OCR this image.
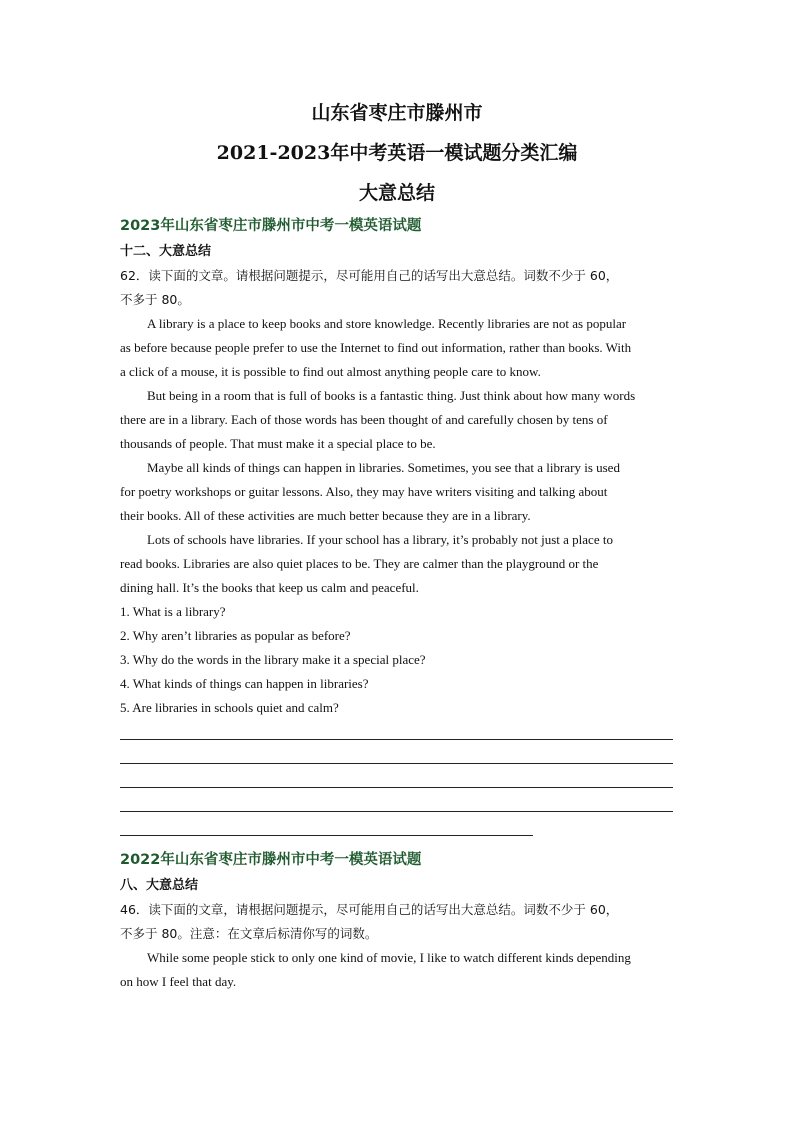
山东省枣庄市滕州市
2021-2023年中考英语一模试题分类汇编
大意总结
2023年山东省枣庄市滕州市中考一模英语试题
十二、大意总结
62．读下面的文章。请根据问题提示，尽可能用自己的话写出大意总结。词数不少于 60，
不多于 80。
A library is a place to keep books and store knowledge. Recently libraries are not as popular
as before because people prefer to use the Internet to find out information, rather than books. With
a click of a mouse, it is possible to find out almost anything people care to know.
But being in a room that is full of books is a fantastic thing. Just think about how many words
there are in a library. Each of those words has been thought of and carefully chosen by tens of
thousands of people. That must make it a special place to be.
Maybe all kinds of things can happen in libraries. Sometimes, you see that a library is used
for poetry workshops or guitar lessons. Also, they may have writers visiting and talking about
their books. All of these activities are much better because they are in a library.
Lots of schools have libraries. If your school has a library, it’s probably not just a place to
read books. Libraries are also quiet places to be. They are calmer than the playground or the
dining hall. It’s the books that keep us calm and peaceful.
1. What is a library?
2. Why aren’t libraries as popular as before?
3. Why do the words in the library make it a special place?
4. What kinds of things can happen in libraries?
5. Are libraries in schools quiet and calm?
2022年山东省枣庄市滕州市中考一模英语试题
八、大意总结
46．读下面的文章，请根据问题提示，尽可能用自己的话写出大意总结。词数不少于 60，
不多于 80。注意：在文章后标清你写的词数。
While some people stick to only one kind of movie, I like to watch different kinds depending
on how I feel that day.
